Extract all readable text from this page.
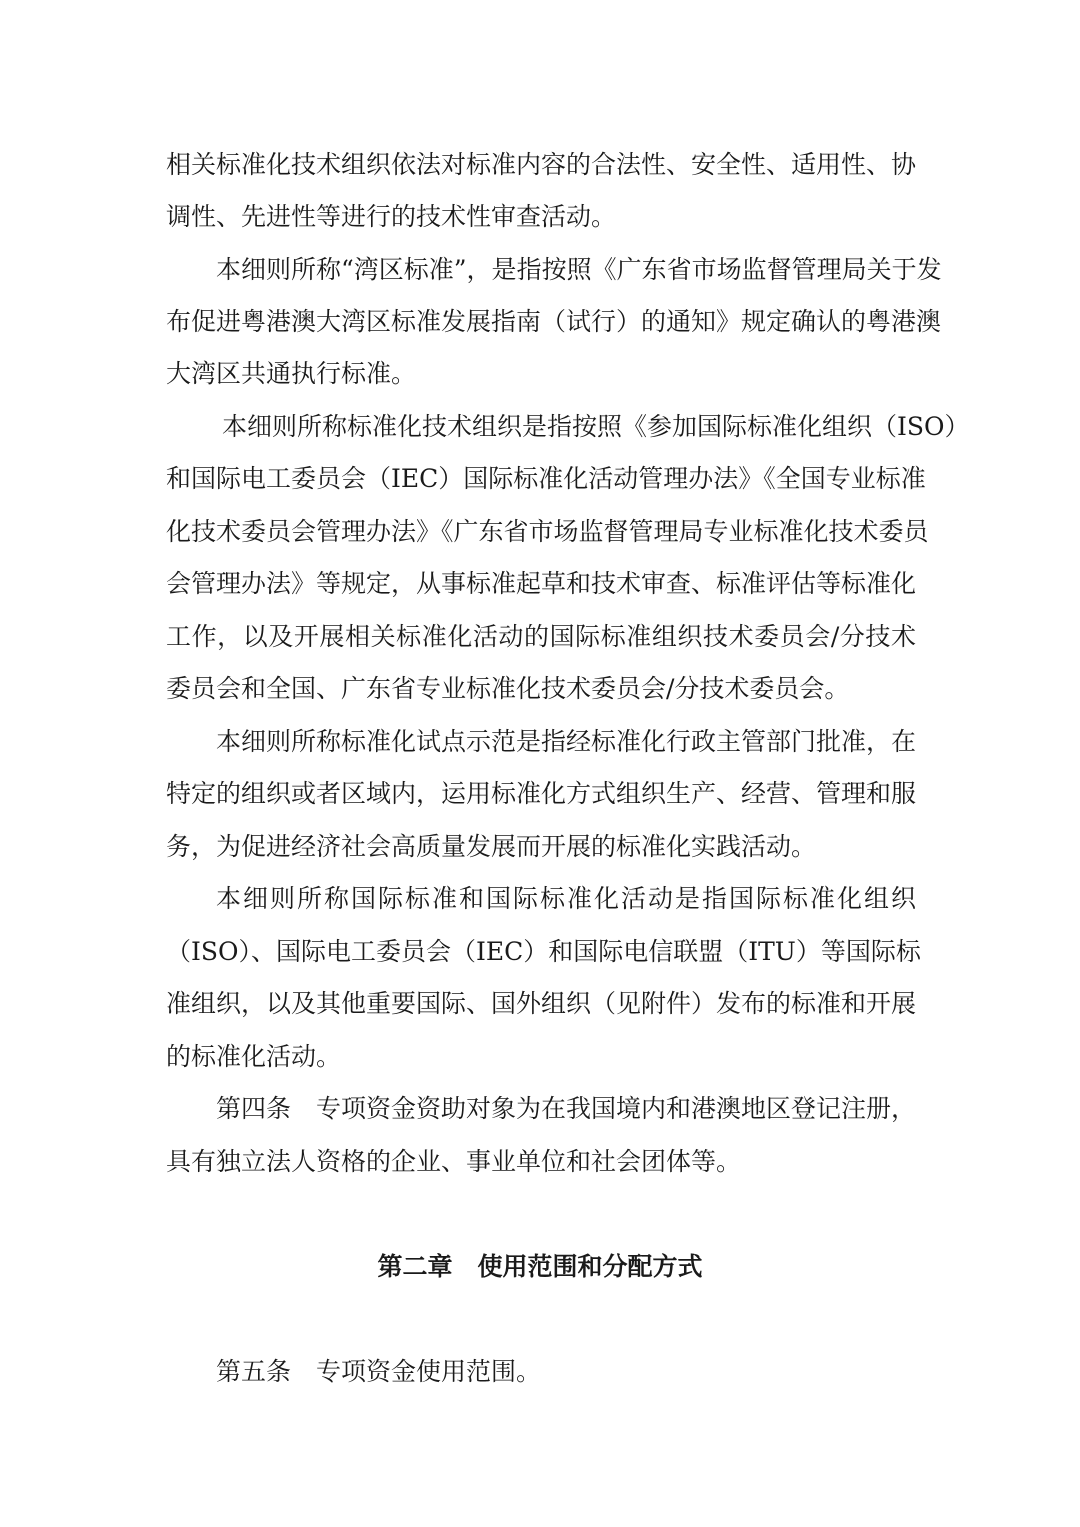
相关标准化技术组织依法对标准内容的合法性、安全性、适用性、协
调性、先进性等进行的技术性审查活动。
本细则所称“湾区标准”，是指按照《广东省市场监督管理局关于发
布促进粤港澳大湾区标准发展指南（试行）的通知》规定确认的粤港澳
大湾区共通执行标准。
本细则所称标准化技术组织是指按照《参加国际标准化组织（ISO）
和国际电工委员会（IEC）国际标准化活动管理办法》《全国专业标准
化技术委员会管理办法》《广东省市场监督管理局专业标准化技术委员
会管理办法》等规定，从事标准起草和技术审查、标准评估等标准化
工作，以及开展相关标准化活动的国际标准组织技术委员会/分技术
委员会和全国、广东省专业标准化技术委员会/分技术委员会。
本细则所称标准化试点示范是指经标准化行政主管部门批准，在
特定的组织或者区域内，运用标准化方式组织生产、经营、管理和服
务，为促进经济社会高质量发展而开展的标准化实践活动。
本细则所称国际标准和国际标准化活动是指国际标准化组织
（ISO）、国际电工委员会（IEC）和国际电信联盟（ITU）等国际标
准组织，以及其他重要国际、国外组织（见附件）发布的标准和开展
的标准化活动。
第四条　专项资金资助对象为在我国境内和港澳地区登记注册，
具有独立法人资格的企业、事业单位和社会团体等。
第二章　使用范围和分配方式
第五条　专项资金使用范围。
